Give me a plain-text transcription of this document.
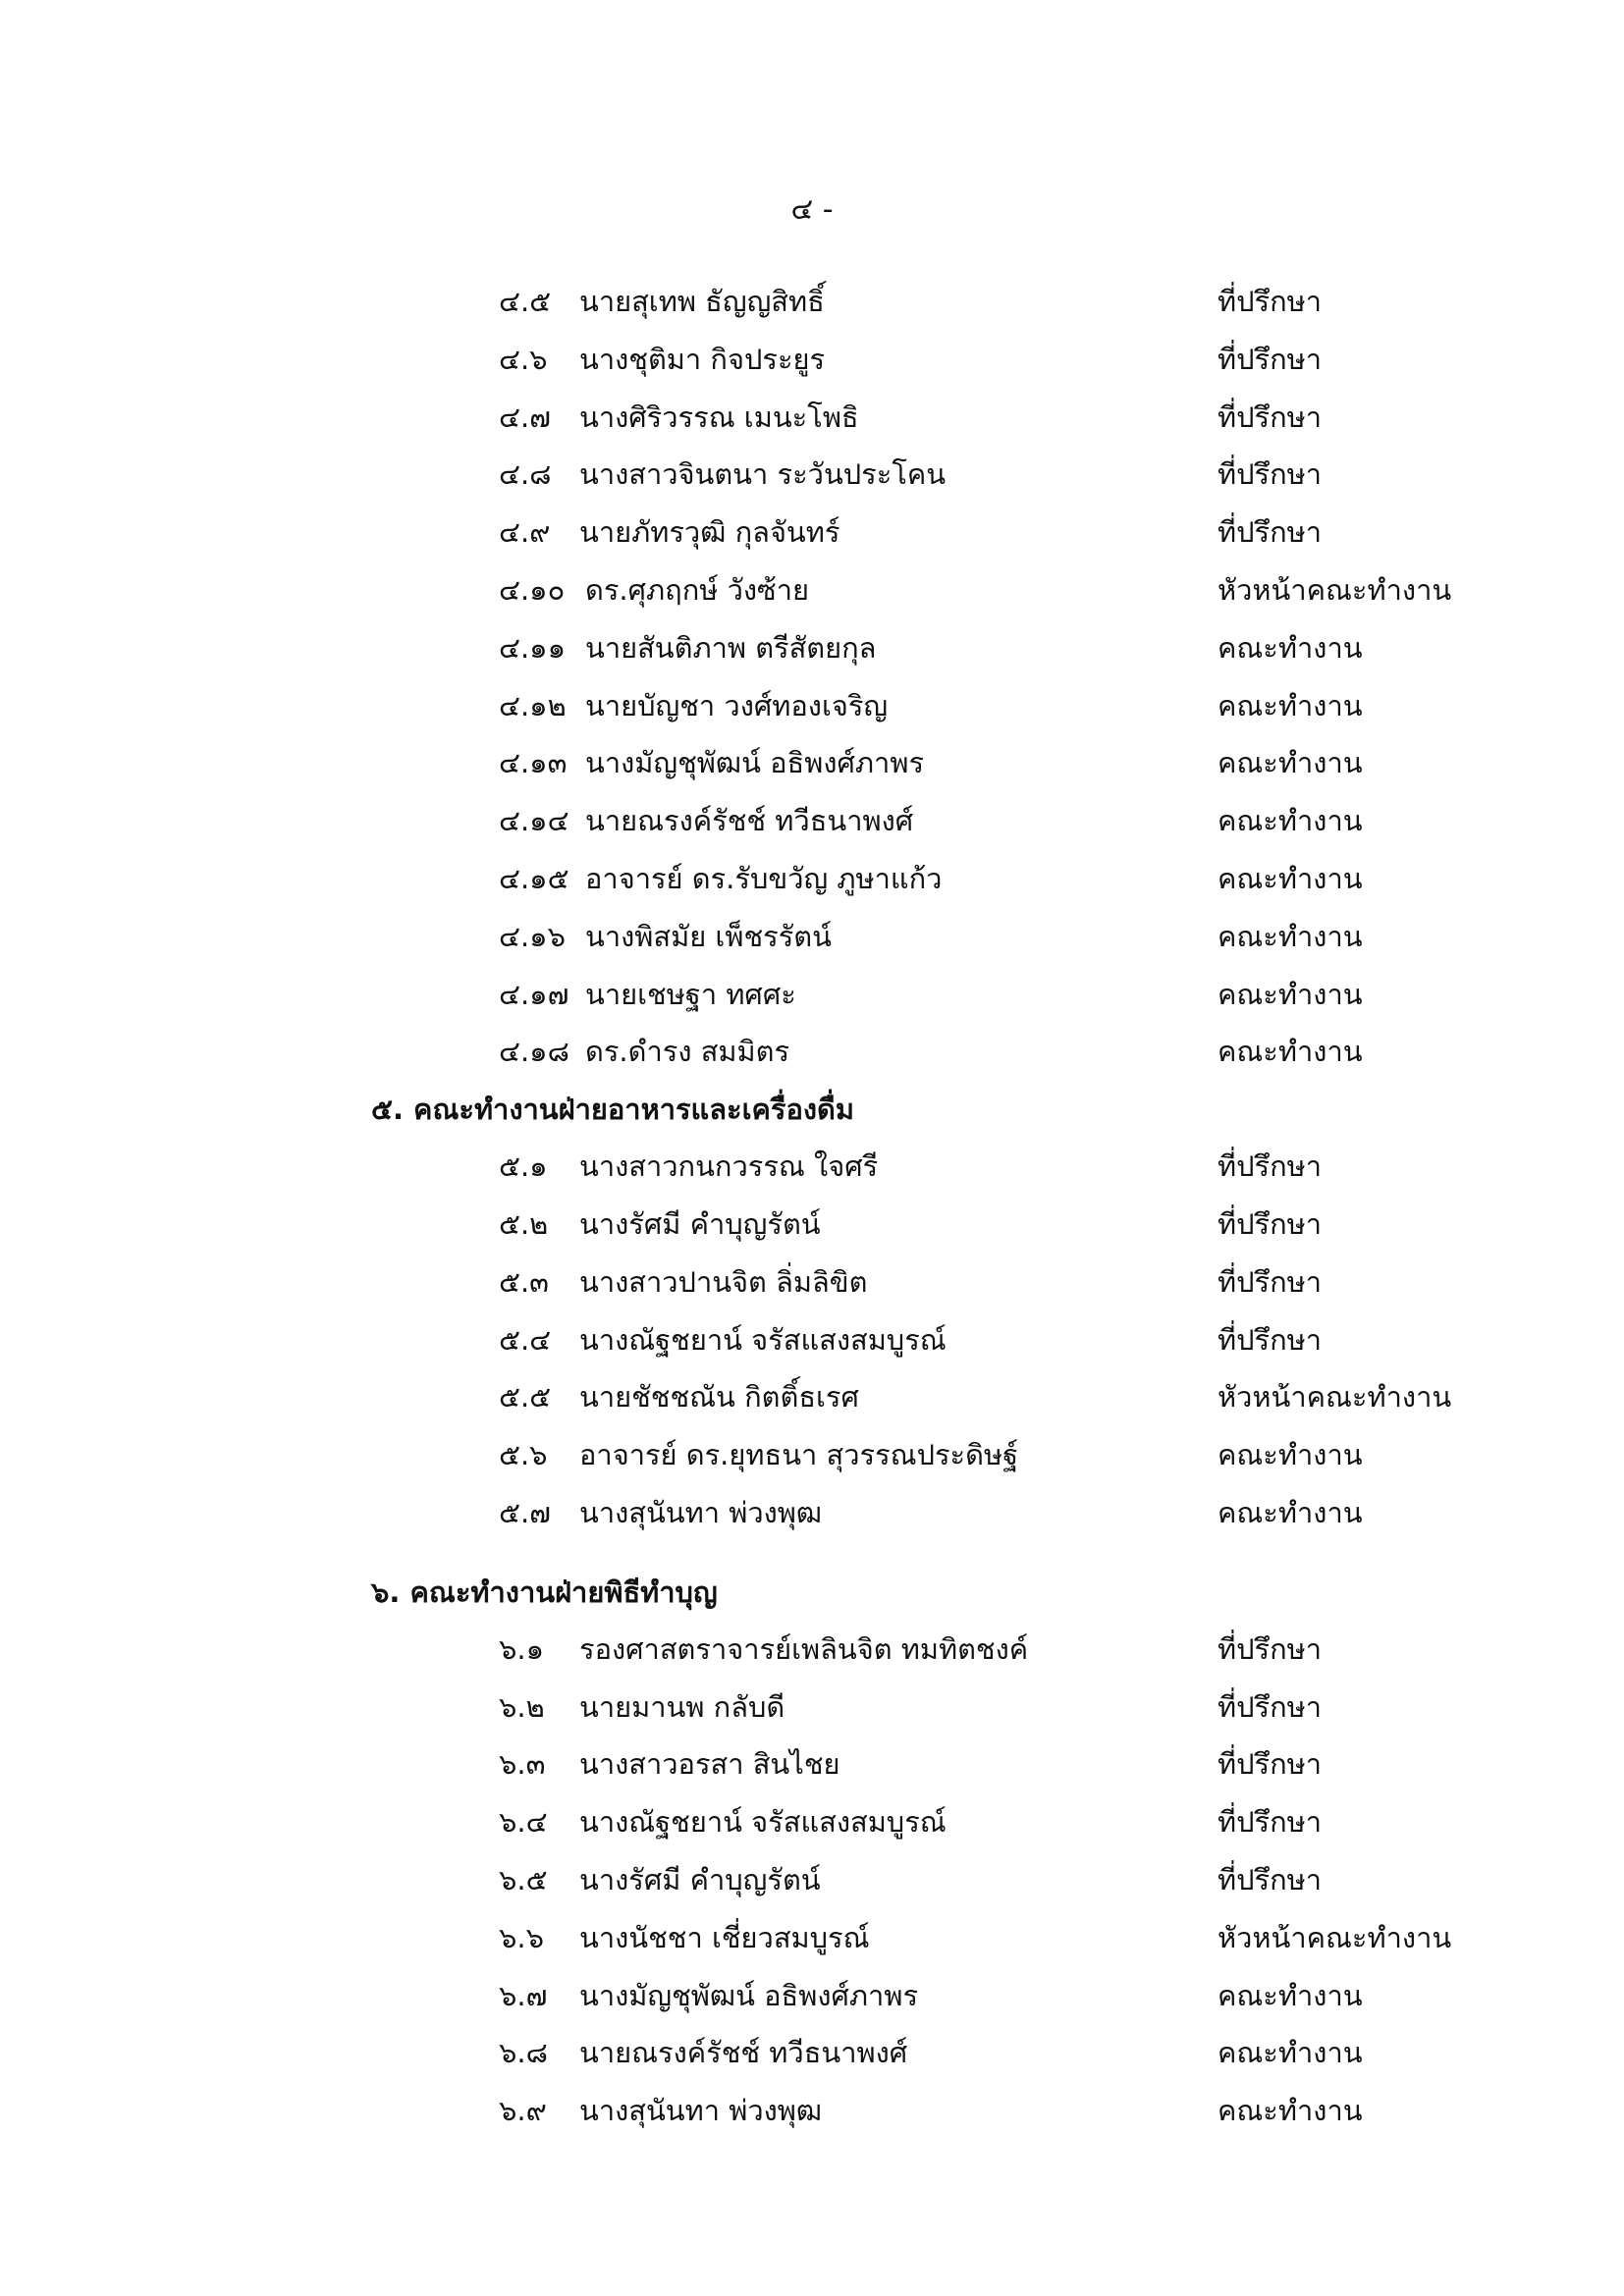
๔ -
๔.๕ นายสุเทพ ธัญญสิทธิ์	ที่ปรึกษา
๔.๖ นางชุติมา กิจประยูร	ที่ปรึกษา
๔.๗ นางศิริวรรณ เมนะโพธิ	ที่ปรึกษา
๔.๘ นางสาวจินตนา ระวันประโคน	ที่ปรึกษา
๔.๙ นายภัทรวุฒิ กุลจันทร์	ที่ปรึกษา
๔.๑๐ ดร.ศุภฤกษ์ วังซ้าย	หัวหน้าคณะทำงาน
๔.๑๑ นายสันติภาพ ตรีสัตยกุล	คณะทำงาน
๔.๑๒ นายบัญชา วงศ์ทองเจริญ	คณะทำงาน
๔.๑๓ นางมัญชุพัฒน์ อธิพงศ์ภาพร	คณะทำงาน
๔.๑๔ นายณรงค์รัชช์ ทวีธนาพงศ์	คณะทำงาน
๔.๑๕ อาจารย์ ดร.รับขวัญ ภูษาแก้ว	คณะทำงาน
๔.๑๖ นางพิสมัย เพ็ชรรัตน์	คณะทำงาน
๔.๑๗ นายเชษฐา ทศศะ	คณะทำงาน
๔.๑๘ ดร.ดำรง สมมิตร	คณะทำงาน
๕. คณะทำงานฝ่ายอาหารและเครื่องดื่ม
๕.๑ นางสาวกนกวรรณ ใจศรี	ที่ปรึกษา
๕.๒ นางรัศมี คำบุญรัตน์	ที่ปรึกษา
๕.๓ นางสาวปานจิต ลิ่มลิขิต	ที่ปรึกษา
๕.๔ นางณัฐชยาน์ จรัสแสงสมบูรณ์	ที่ปรึกษา
๕.๕ นายชัชชณัน กิตติ์ธเรศ	หัวหน้าคณะทำงาน
๕.๖ อาจารย์ ดร.ยุทธนา สุวรรณประดิษฐ์	คณะทำงาน
๕.๗ นางสุนันทา พ่วงพุฒ	คณะทำงาน
๖. คณะทำงานฝ่ายพิธีทำบุญ
๖.๑ รองศาสตราจารย์เพลินจิต ทมทิตชงค์	ที่ปรึกษา
๖.๒ นายมานพ กลับดี	ที่ปรึกษา
๖.๓ นางสาวอรสา สินไชย	ที่ปรึกษา
๖.๔ นางณัฐชยาน์ จรัสแสงสมบูรณ์	ที่ปรึกษา
๖.๕ นางรัศมี คำบุญรัตน์	ที่ปรึกษา
๖.๖ นางนัชชา เชี่ยวสมบูรณ์	หัวหน้าคณะทำงาน
๖.๗ นางมัญชุพัฒน์ อธิพงศ์ภาพร	คณะทำงาน
๖.๘ นายณรงค์รัชช์ ทวีธนาพงศ์	คณะทำงาน
๖.๙ นางสุนันทา พ่วงพุฒ	คณะทำงาน
